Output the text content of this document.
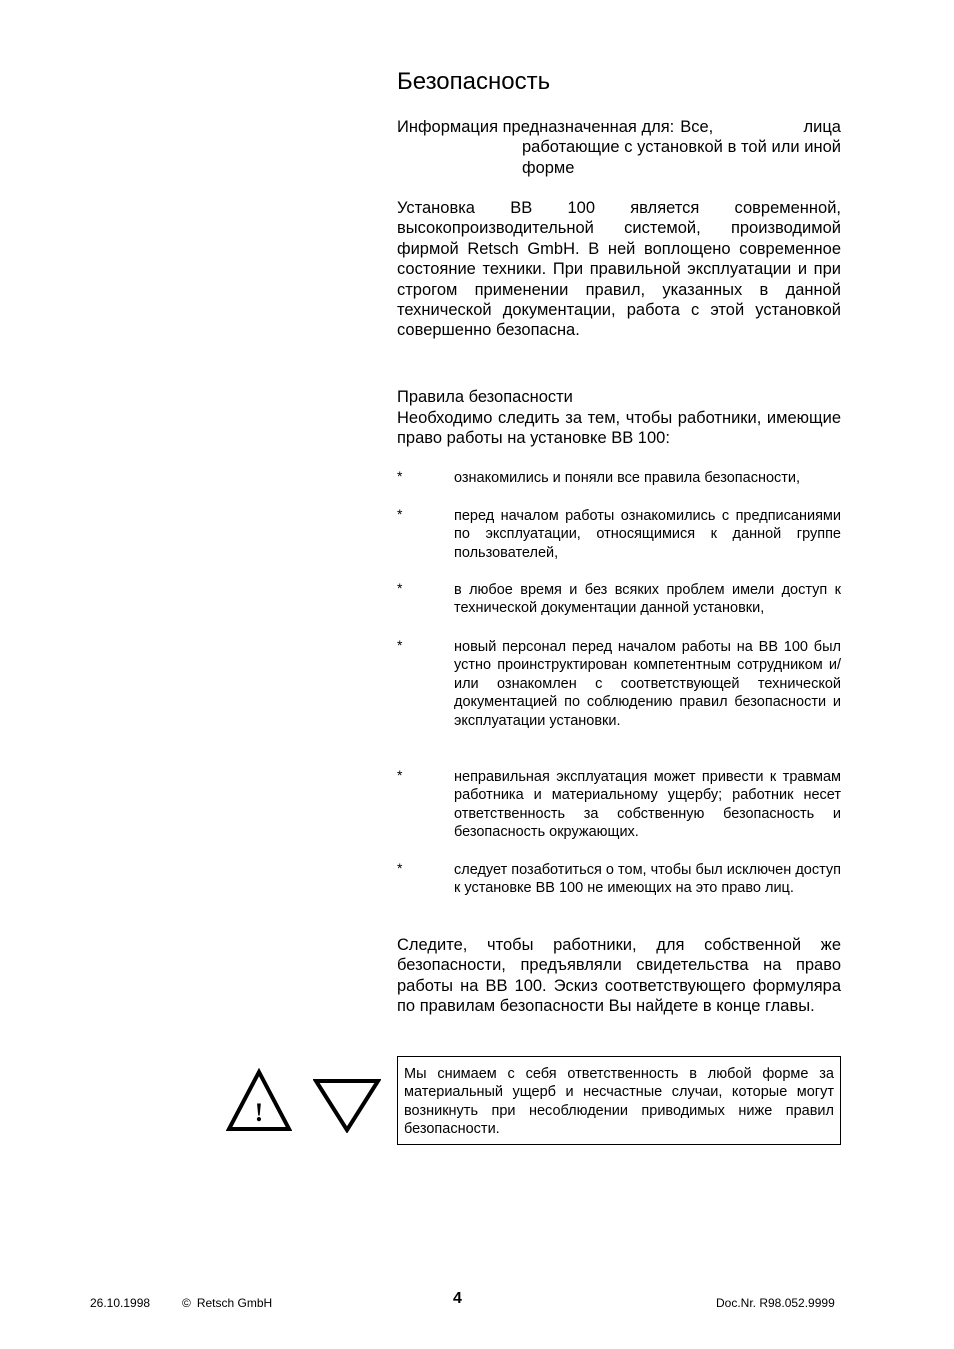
Безопасность
Информация предназначенная для: Все,	лица
работающие с установкой в той или иной форме

Установка BB 100 является современной, высокопроизводительной системой, производимой фирмой Retsch GmbH. В ней воплощено современное состояние техники. При правильной эксплуатации и при строгом применении правил, указанных в данной технической документации, работа с этой установкой совершенно безопасна.

Правила безопасности

Необходимо следить за тем, чтобы работники, имеющие право работы на установке BB 100:

*	ознакомились и поняли все правила безопасности,
*	перед началом работы ознакомились с предписаниями по эксплуатации, относящимися к данной группе пользователей,
*	в любое время и без всяких проблем имели доступ к технической документации данной установки,
*	новый персонал перед началом работы на BB 100 был устно проинструктирован компетентным сотрудником и/или ознакомлен с соответствующей технической документацией по соблюдению правил безопасности и эксплуатации установки.
*	неправильная эксплуатация может привести к травмам работника и материальному ущербу; работник несет ответственность за собственную безопасность и безопасность окружающих.
*	следует позаботиться о том, чтобы был исключен доступ к установке BB 100 не имеющих на это право лиц.

Следите, чтобы работники, для собственной же безопасности, предъявляли свидетельства на право работы на BB 100. Эскиз соответствующего формуляра по правилам безопасности Вы найдете в конце главы.

!
Мы снимаем с себя ответственность в любой форме за материальный ущерб и несчастные случаи, которые могут возникнуть при несоблюдении приводимых ниже правил безопасности.
26.10.1998	© Retsch GmbH	4	Doc.Nr. R98.052.9999
